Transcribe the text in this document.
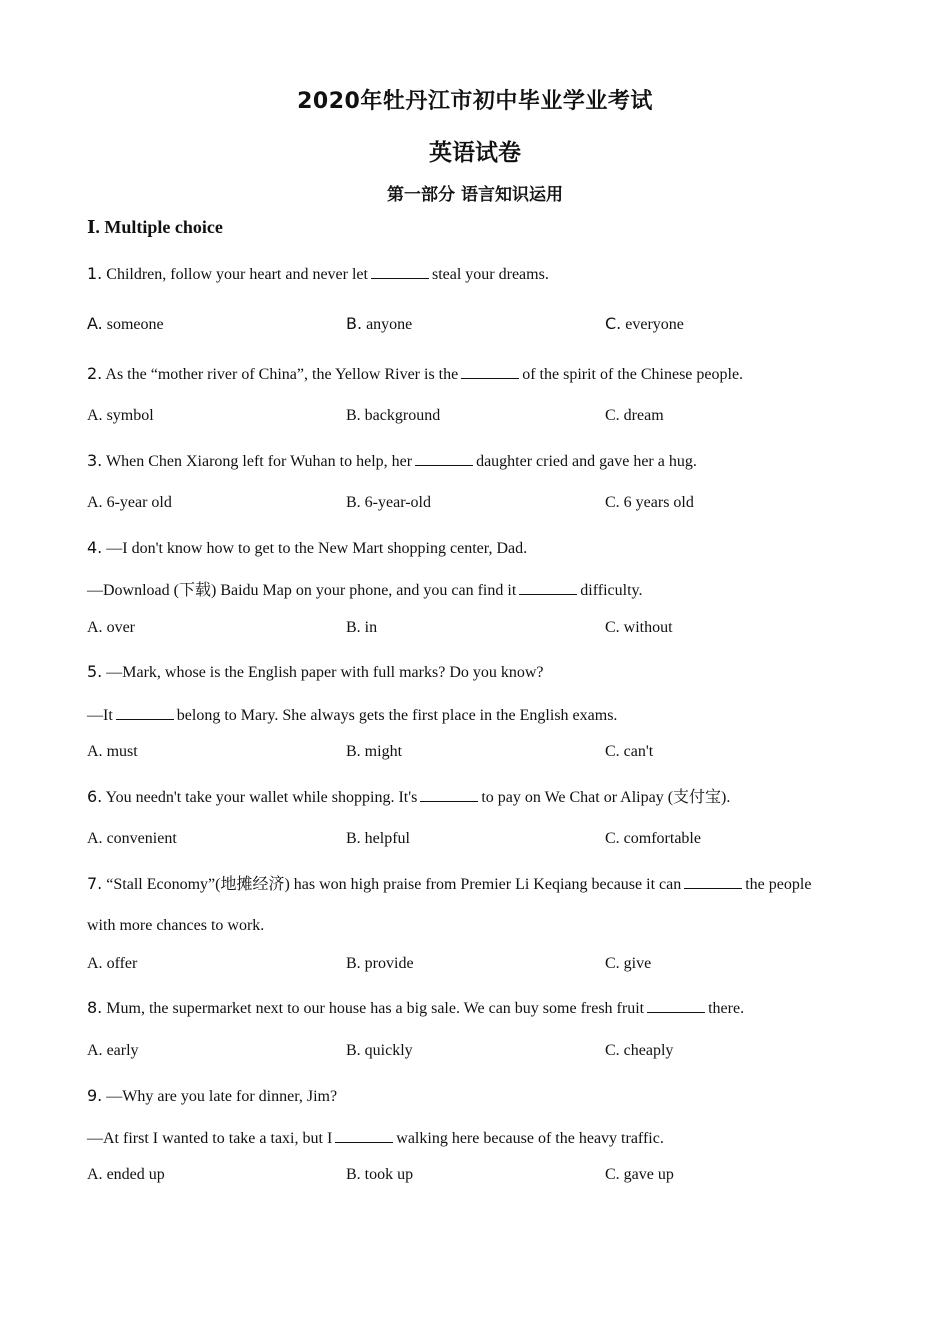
2020年牡丹江市初中毕业学业考试
英语试卷
第一部分 语言知识运用
Ⅰ. Multiple choice
1. Children, follow your heart and never let	steal your dreams.
A. someone	B. anyone	C. everyone
2. As the “mother river of China”, the Yellow River is the	of the spirit of the Chinese people.
A. symbol	B. background	C. dream
3. When Chen Xiarong left for Wuhan to help, her	daughter cried and gave her a hug.
A. 6-year old	B. 6-year-old	C. 6 years old
4. —I don't know how to get to the New Mart shopping center, Dad.
—Download (下载) Baidu Map on your phone, and you can find it	difficulty.
A. over	B. in	C. without
5. —Mark, whose is the English paper with full marks? Do you know?
—It	belong to Mary. She always gets the first place in the English exams.
A. must	B. might	C. can't
6. You needn't take your wallet while shopping. It's	to pay on We Chat or Alipay (支付宝).
A. convenient	B. helpful	C. comfortable
7. “Stall Economy”(地摊经济) has won high praise from Premier Li Keqiang because it can	the people
with more chances to work.
A. offer	B. provide	C. give
8. Mum, the supermarket next to our house has a big sale. We can buy some fresh fruit	there.
A. early	B. quickly	C. cheaply
9. —Why are you late for dinner, Jim?
—At first I wanted to take a taxi, but I	walking here because of the heavy traffic.
A. ended up	B. took up	C. gave up
